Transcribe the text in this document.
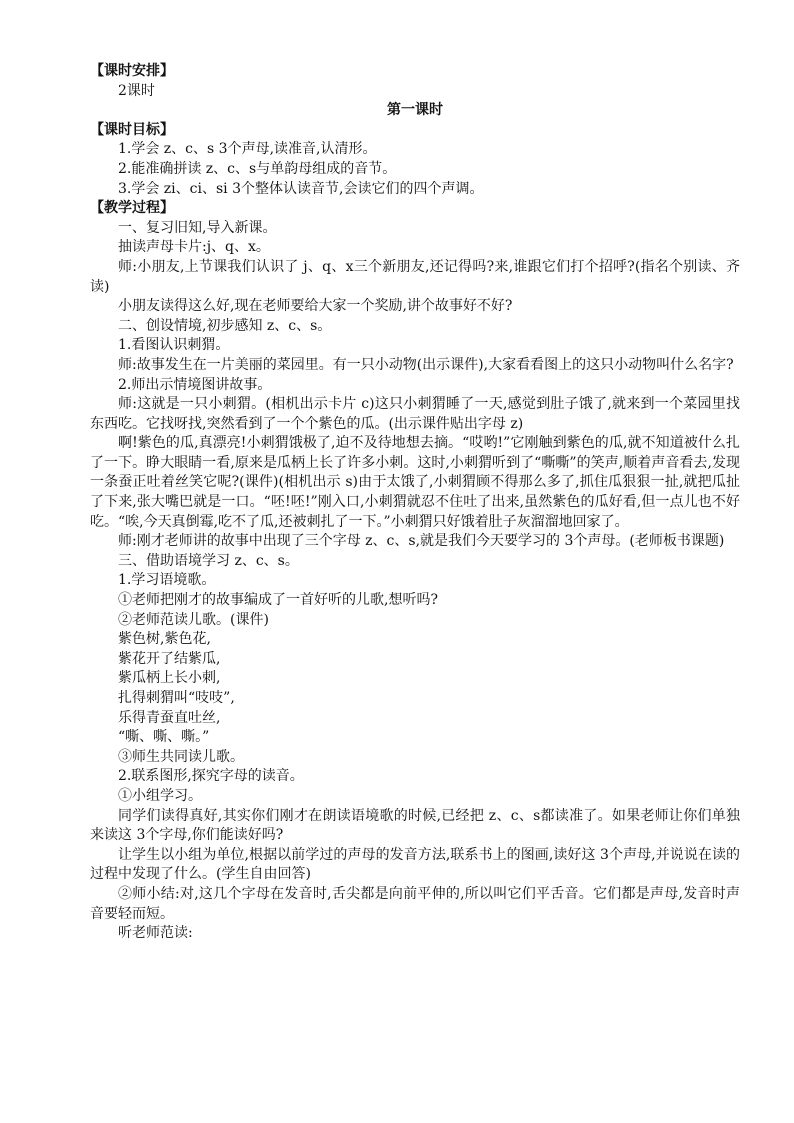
【课时安排】

2课时

第一课时

【课时目标】

1.学会 z、c、s 3个声母,读准音,认清形。

2.能准确拼读 z、c、s与单韵母组成的音节。

3.学会 zi、ci、si 3个整体认读音节,会读它们的四个声调。

【教学过程】

一、复习旧知,导入新课。

抽读声母卡片:j、q、x。

师:小朋友,上节课我们认识了 j、q、x三个新朋友,还记得吗?来,谁跟它们打个招呼?(指名个别读、齐读)

小朋友读得这么好,现在老师要给大家一个奖励,讲个故事好不好?

二、创设情境,初步感知 z、c、s。

1.看图认识刺猬。

师:故事发生在一片美丽的菜园里。有一只小动物(出示课件),大家看看图上的这只小动物叫什么名字?

2.师出示情境图讲故事。

师:这就是一只小刺猬。(相机出示卡片 c)这只小刺猬睡了一天,感觉到肚子饿了,就来到一个菜园里找东西吃。它找呀找,突然看到了一个个紫色的瓜。(出示课件贴出字母 z)

啊!紫色的瓜,真漂亮!小刺猬饿极了,迫不及待地想去摘。“哎哟!”它刚触到紫色的瓜,就不知道被什么扎了一下。睁大眼睛一看,原来是瓜柄上长了许多小刺。这时,小刺猬听到了“嘶嘶”的笑声,顺着声音看去,发现一条蚕正吐着丝笑它呢?(课件)(相机出示 s)由于太饿了,小刺猬顾不得那么多了,抓住瓜狠狠一扯,就把瓜扯了下来,张大嘴巴就是一口。“呸!呸!”刚入口,小刺猬就忍不住吐了出来,虽然紫色的瓜好看,但一点儿也不好吃。“唉,今天真倒霉,吃不了瓜,还被刺扎了一下。”小刺猬只好饿着肚子灰溜溜地回家了。

师:刚才老师讲的故事中出现了三个字母 z、c、s,就是我们今天要学习的 3个声母。(老师板书课题)

三、借助语境学习 z、c、s。

1.学习语境歌。

①老师把刚才的故事编成了一首好听的儿歌,想听吗?

②老师范读儿歌。(课件)

紫色树,紫色花,

紫花开了结紫瓜,

紫瓜柄上长小刺,

扎得刺猬叫“吱吱”,

乐得青蚕直吐丝,

“嘶、嘶、嘶。”

③师生共同读儿歌。

2.联系图形,探究字母的读音。

①小组学习。

同学们读得真好,其实你们刚才在朗读语境歌的时候,已经把 z、c、s都读准了。如果老师让你们单独来读这 3个字母,你们能读好吗?

让学生以小组为单位,根据以前学过的声母的发音方法,联系书上的图画,读好这 3个声母,并说说在读的过程中发现了什么。(学生自由回答)

②师小结:对,这几个字母在发音时,舌尖都是向前平伸的,所以叫它们平舌音。它们都是声母,发音时声音要轻而短。

听老师范读:
